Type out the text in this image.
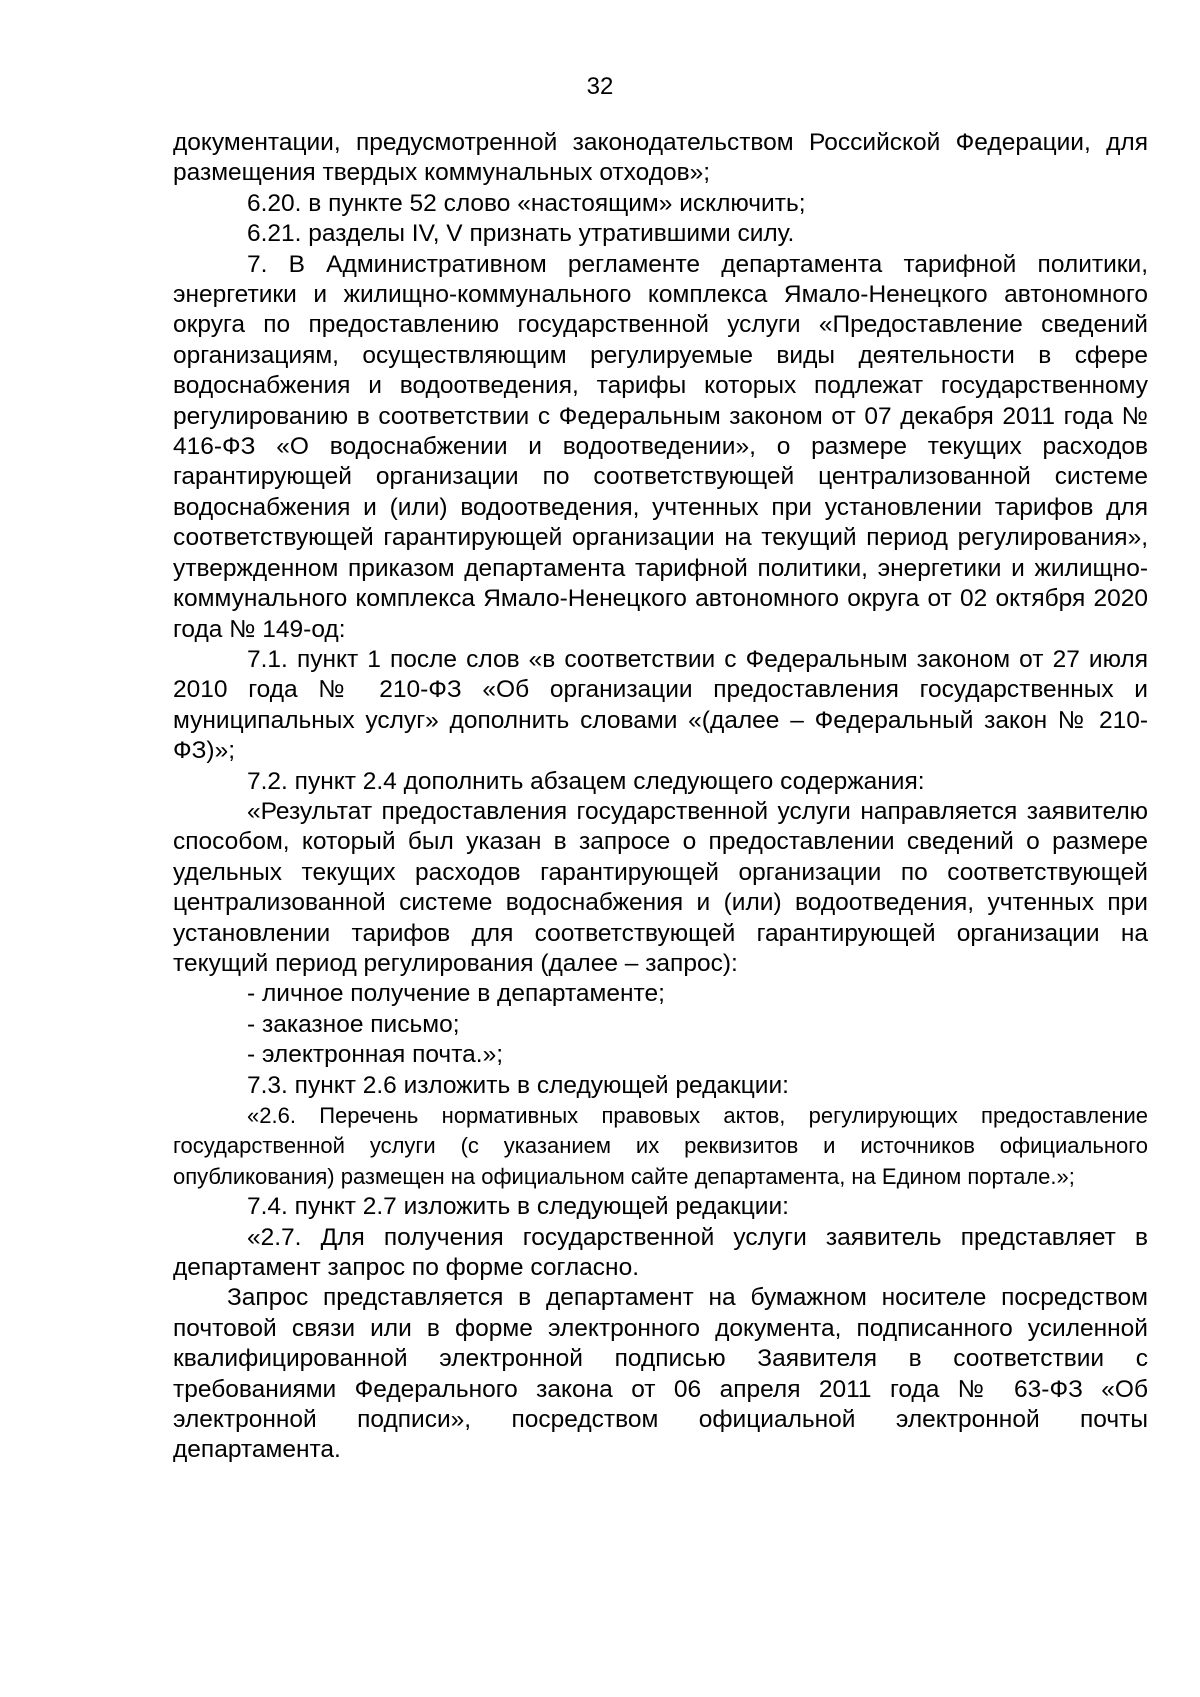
32

документации, предусмотренной законодательством Российской Федерации, для размещения твердых коммунальных отходов»;

6.20. в пункте 52 слово «настоящим» исключить;

6.21. разделы IV, V признать утратившими силу.

7. В Административном регламенте департамента тарифной политики, энергетики и жилищно-коммунального комплекса Ямало-Ненецкого автономного округа по предоставлению государственной услуги «Предоставление сведений организациям, осуществляющим регулируемые виды деятельности в сфере водоснабжения и водоотведения, тарифы которых подлежат государственному регулированию в соответствии с Федеральным законом от 07 декабря 2011 года № 416-ФЗ «О водоснабжении и водоотведении», о размере текущих расходов гарантирующей организации по соответствующей централизованной системе водоснабжения и (или) водоотведения, учтенных при установлении тарифов для соответствующей гарантирующей организации на текущий период регулирования», утвержденном приказом департамента тарифной политики, энергетики и жилищно-коммунального комплекса Ямало-Ненецкого автономного округа от 02 октября 2020 года № 149-од:

7.1. пункт 1 после слов «в соответствии с Федеральным законом от 27 июля 2010 года № 210-ФЗ «Об организации предоставления государственных и муниципальных услуг» дополнить словами «(далее – Федеральный закон № 210-ФЗ)»;

7.2. пункт 2.4 дополнить абзацем следующего содержания:

«Результат предоставления государственной услуги направляется заявителю способом, который был указан в запросе о предоставлении сведений о размере удельных текущих расходов гарантирующей организации по соответствующей централизованной системе водоснабжения и (или) водоотведения, учтенных при установлении тарифов для соответствующей гарантирующей организации на текущий период регулирования (далее – запрос):

- личное получение в департаменте;

- заказное письмо;

- электронная почта.»;

7.3. пункт 2.6 изложить в следующей редакции:

«2.6. Перечень нормативных правовых актов, регулирующих предоставление государственной услуги (с указанием их реквизитов и источников официального опубликования) размещен на официальном сайте департамента, на Едином портале.»;

7.4. пункт 2.7 изложить в следующей редакции:

«2.7. Для получения государственной услуги заявитель представляет в департамент запрос по форме согласно.

Запрос представляется в департамент на бумажном носителе посредством почтовой связи или в форме электронного документа, подписанного усиленной квалифицированной электронной подписью Заявителя в соответствии с требованиями Федерального закона от 06 апреля 2011 года № 63-ФЗ «Об электронной подписи», посредством официальной электронной почты департамента.
